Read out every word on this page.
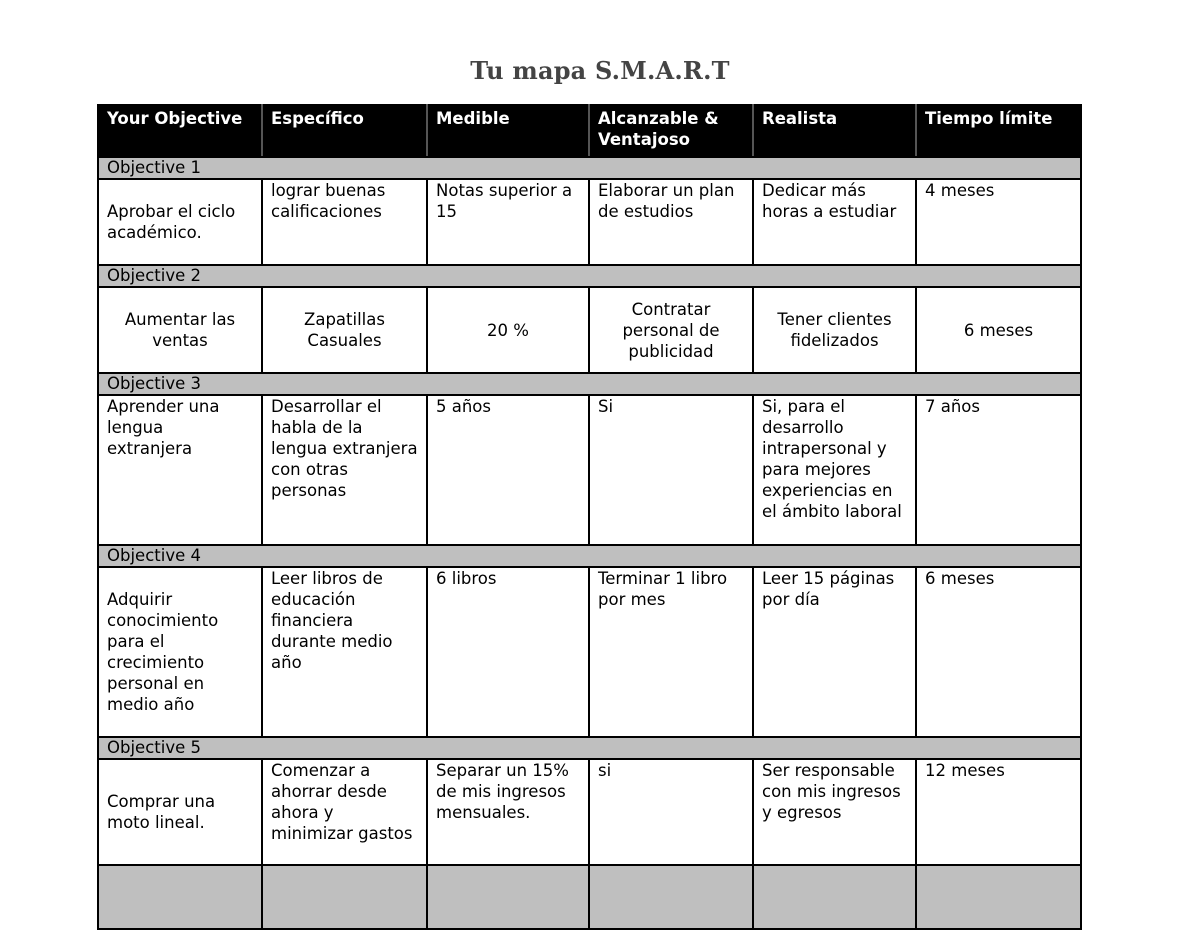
Tu mapa S.M.A.R.T
Your Objective	Específico	Medible	Alcanzable & Ventajoso	Realista	Tiempo límite
Objective 1					
Aprobar el ciclo académico.	lograr buenas calificaciones	Notas superior a 15	Elaborar un plan de estudios	Dedicar más horas a estudiar	4 meses
Objective 2					
Aumentar las ventas	Zapatillas Casuales	20 %	Contratar personal de publicidad	Tener clientes fidelizados	6 meses
Objective 3					
Aprender una lengua extranjera	Desarrollar el habla de la lengua extranjera con otras personas	5 años	Si	Si, para el desarrollo intrapersonal y para mejores experiencias en el ámbito laboral	7 años
Objective 4					
Adquirir conocimiento para el crecimiento personal en medio año	Leer libros de educación financiera durante medio año	6 libros	Terminar 1 libro por mes	Leer 15 páginas por día	6 meses
Objective 5					
Comprar una moto lineal.	Comenzar a ahorrar desde ahora y minimizar gastos	Separar un 15% de mis ingresos mensuales.	si	Ser responsable con mis ingresos y egresos	12 meses
